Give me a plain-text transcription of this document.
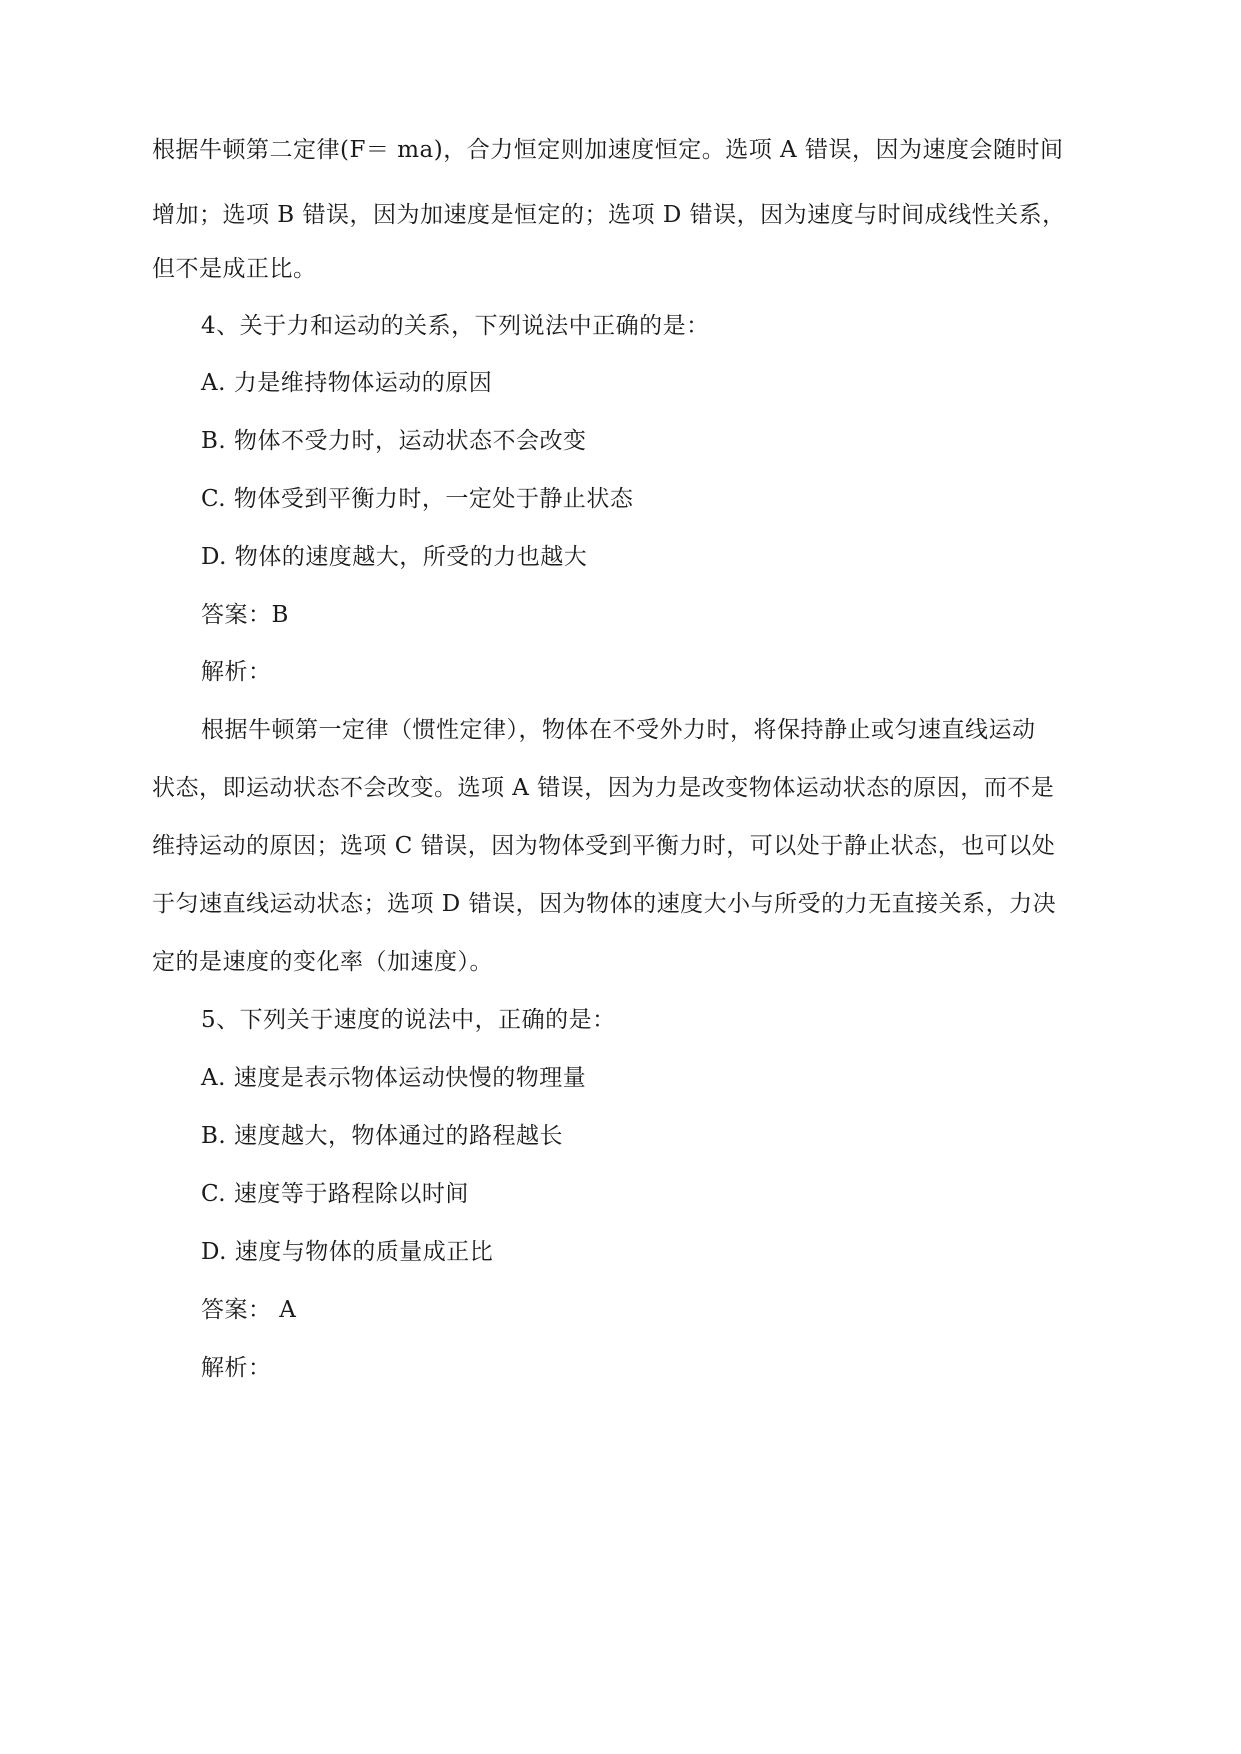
根据牛顿第二定律(F＝ ma)，合力恒定则加速度恒定。选项 A 错误，因为速度会随时间
增加；选项 B 错误，因为加速度是恒定的；选项 D 错误，因为速度与时间成线性关系，
但不是成正比。
4、关于力和运动的关系，下列说法中正确的是：
A. 力是维持物体运动的原因
B. 物体不受力时，运动状态不会改变
C. 物体受到平衡力时，一定处于静止状态
D. 物体的速度越大，所受的力也越大
答案：B
解析：
根据牛顿第一定律（惯性定律），物体在不受外力时，将保持静止或匀速直线运动
状态，即运动状态不会改变。选项 A 错误，因为力是改变物体运动状态的原因，而不是
维持运动的原因；选项 C 错误，因为物体受到平衡力时，可以处于静止状态，也可以处
于匀速直线运动状态；选项 D 错误，因为物体的速度大小与所受的力无直接关系，力决
定的是速度的变化率（加速度）。
5、下列关于速度的说法中，正确的是：
A. 速度是表示物体运动快慢的物理量
B. 速度越大，物体通过的路程越长
C. 速度等于路程除以时间
D. 速度与物体的质量成正比
答案： A
解析：
